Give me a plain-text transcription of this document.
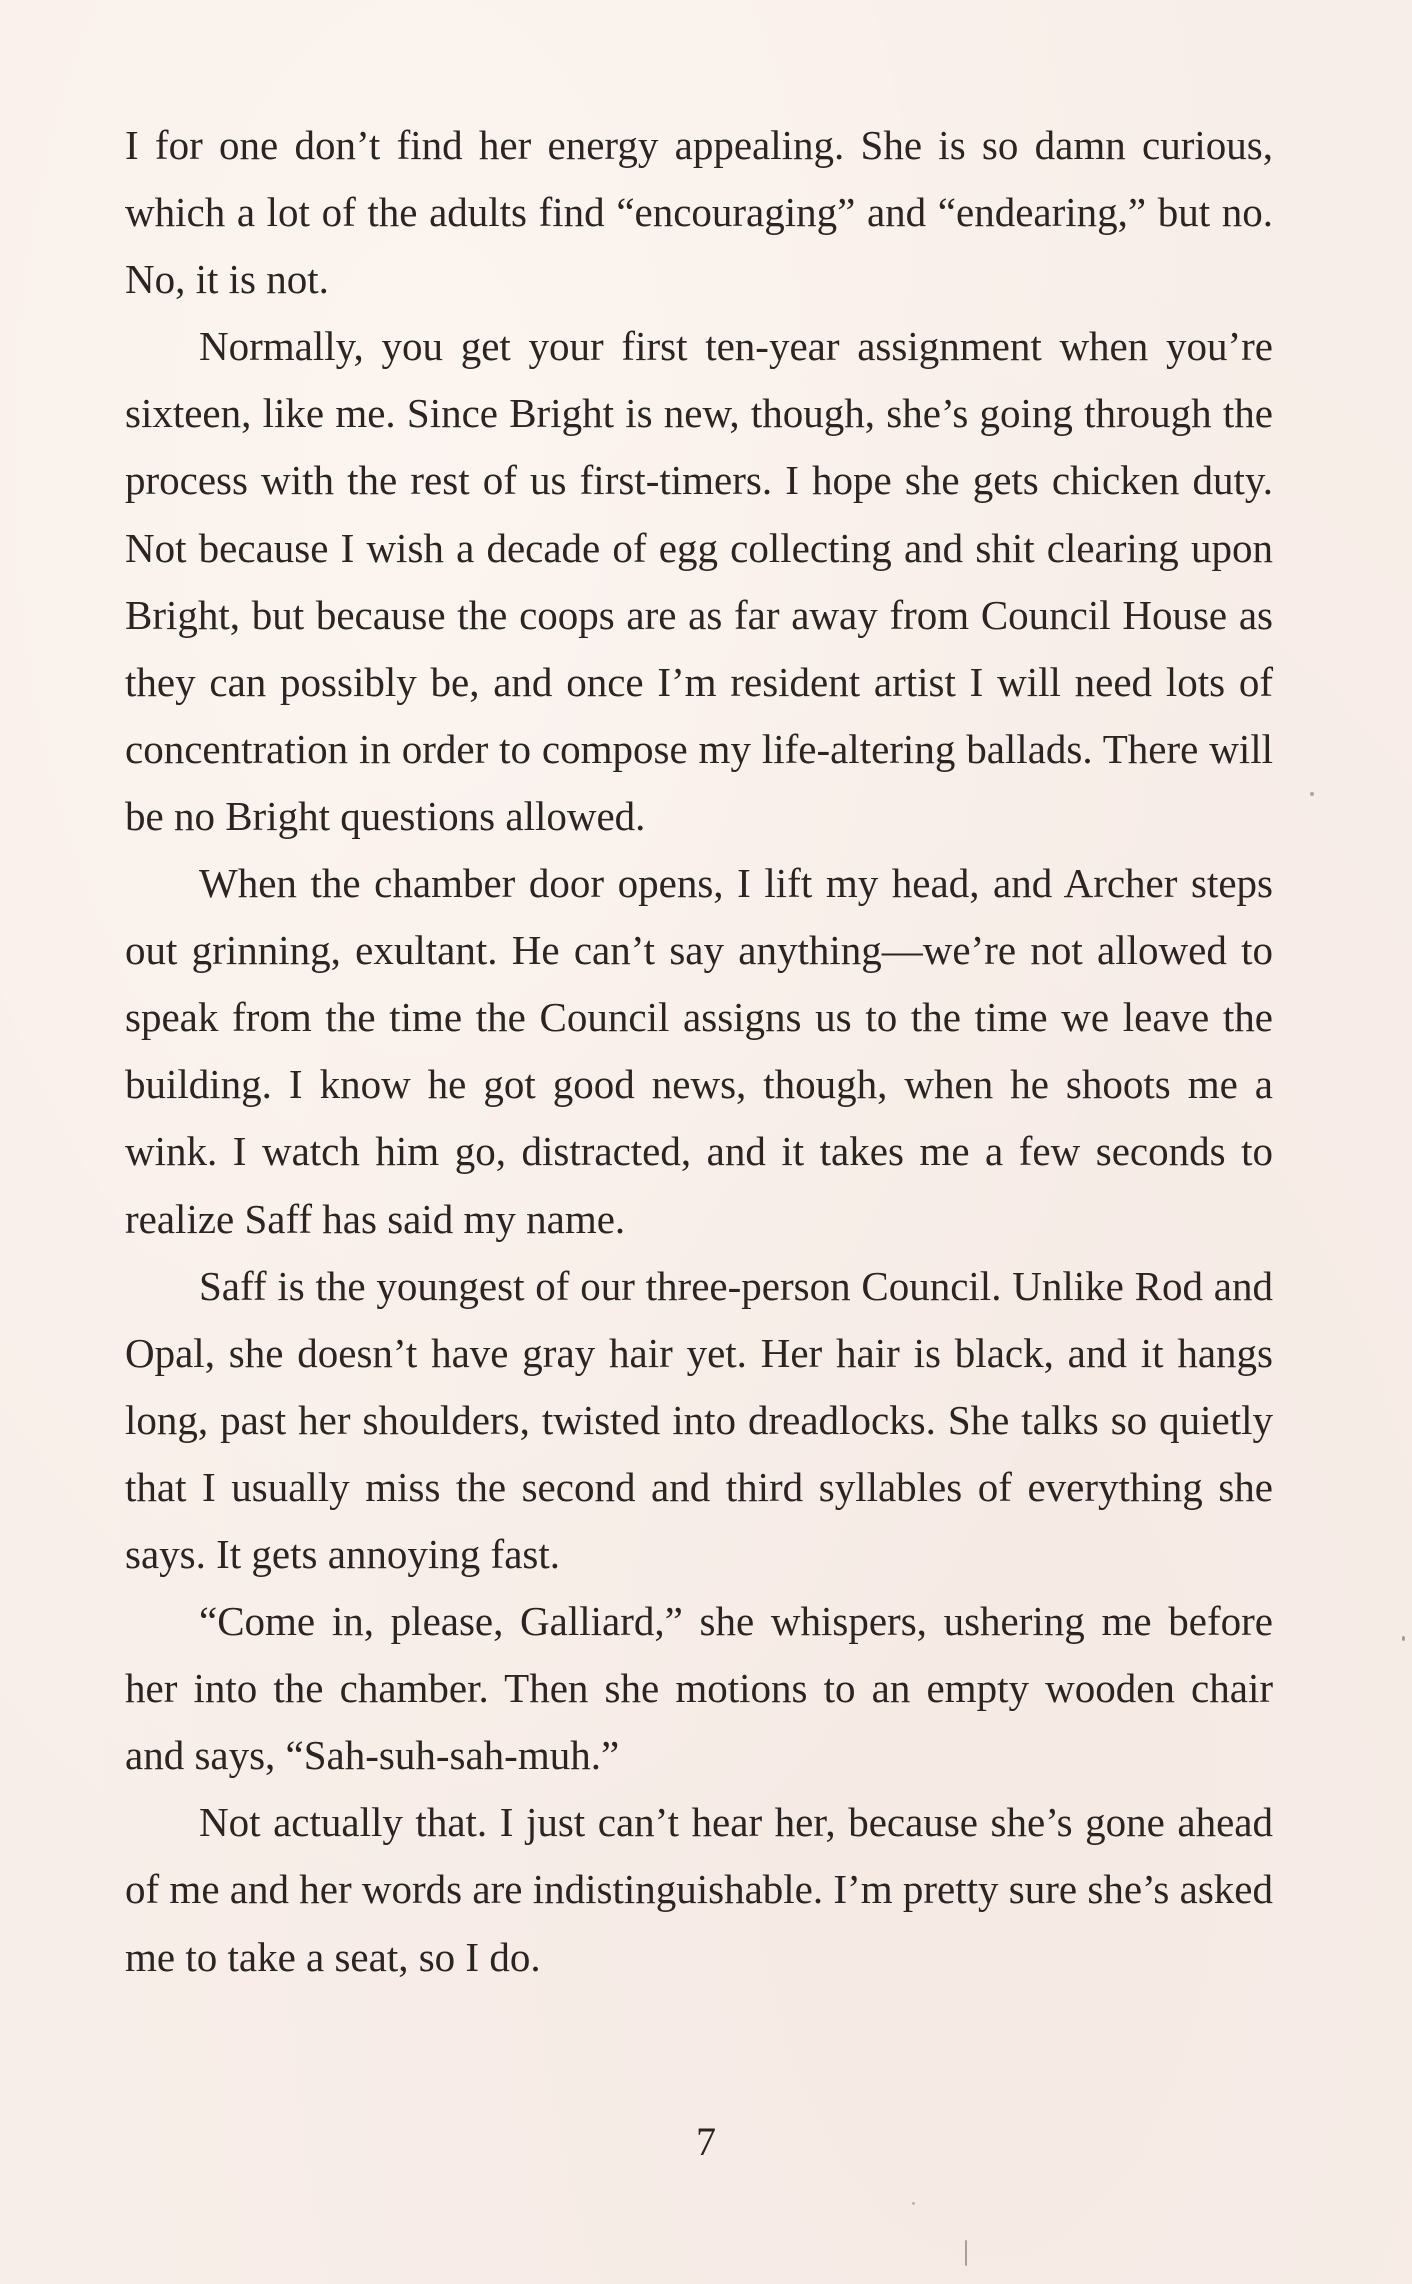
I for one don’t find her energy appealing. She is so damn curious, which a lot of the adults find “encouraging” and “endearing,” but no. No, it is not.

Normally, you get your first ten-year assignment when you’re sixteen, like me. Since Bright is new, though, she’s going through the process with the rest of us first-timers. I hope she gets chicken duty. Not because I wish a decade of egg collecting and shit clearing upon Bright, but because the coops are as far away from Council House as they can possibly be, and once I’m resident artist I will need lots of concentration in order to compose my life-altering ballads. There will be no Bright questions allowed.

When the chamber door opens, I lift my head, and Archer steps out grinning, exultant. He can’t say anything—we’re not allowed to speak from the time the Council assigns us to the time we leave the building. I know he got good news, though, when he shoots me a wink. I watch him go, distracted, and it takes me a few seconds to realize Saff has said my name.

Saff is the youngest of our three-person Council. Unlike Rod and Opal, she doesn’t have gray hair yet. Her hair is black, and it hangs long, past her shoulders, twisted into dreadlocks. She talks so quietly that I usually miss the second and third syllables of everything she says. It gets annoying fast.

“Come in, please, Galliard,” she whispers, ushering me before her into the chamber. Then she motions to an empty wooden chair and says, “Sah-suh-sah-muh.”

Not actually that. I just can’t hear her, because she’s gone ahead of me and her words are indistinguishable. I’m pretty sure she’s asked me to take a seat, so I do.

7
